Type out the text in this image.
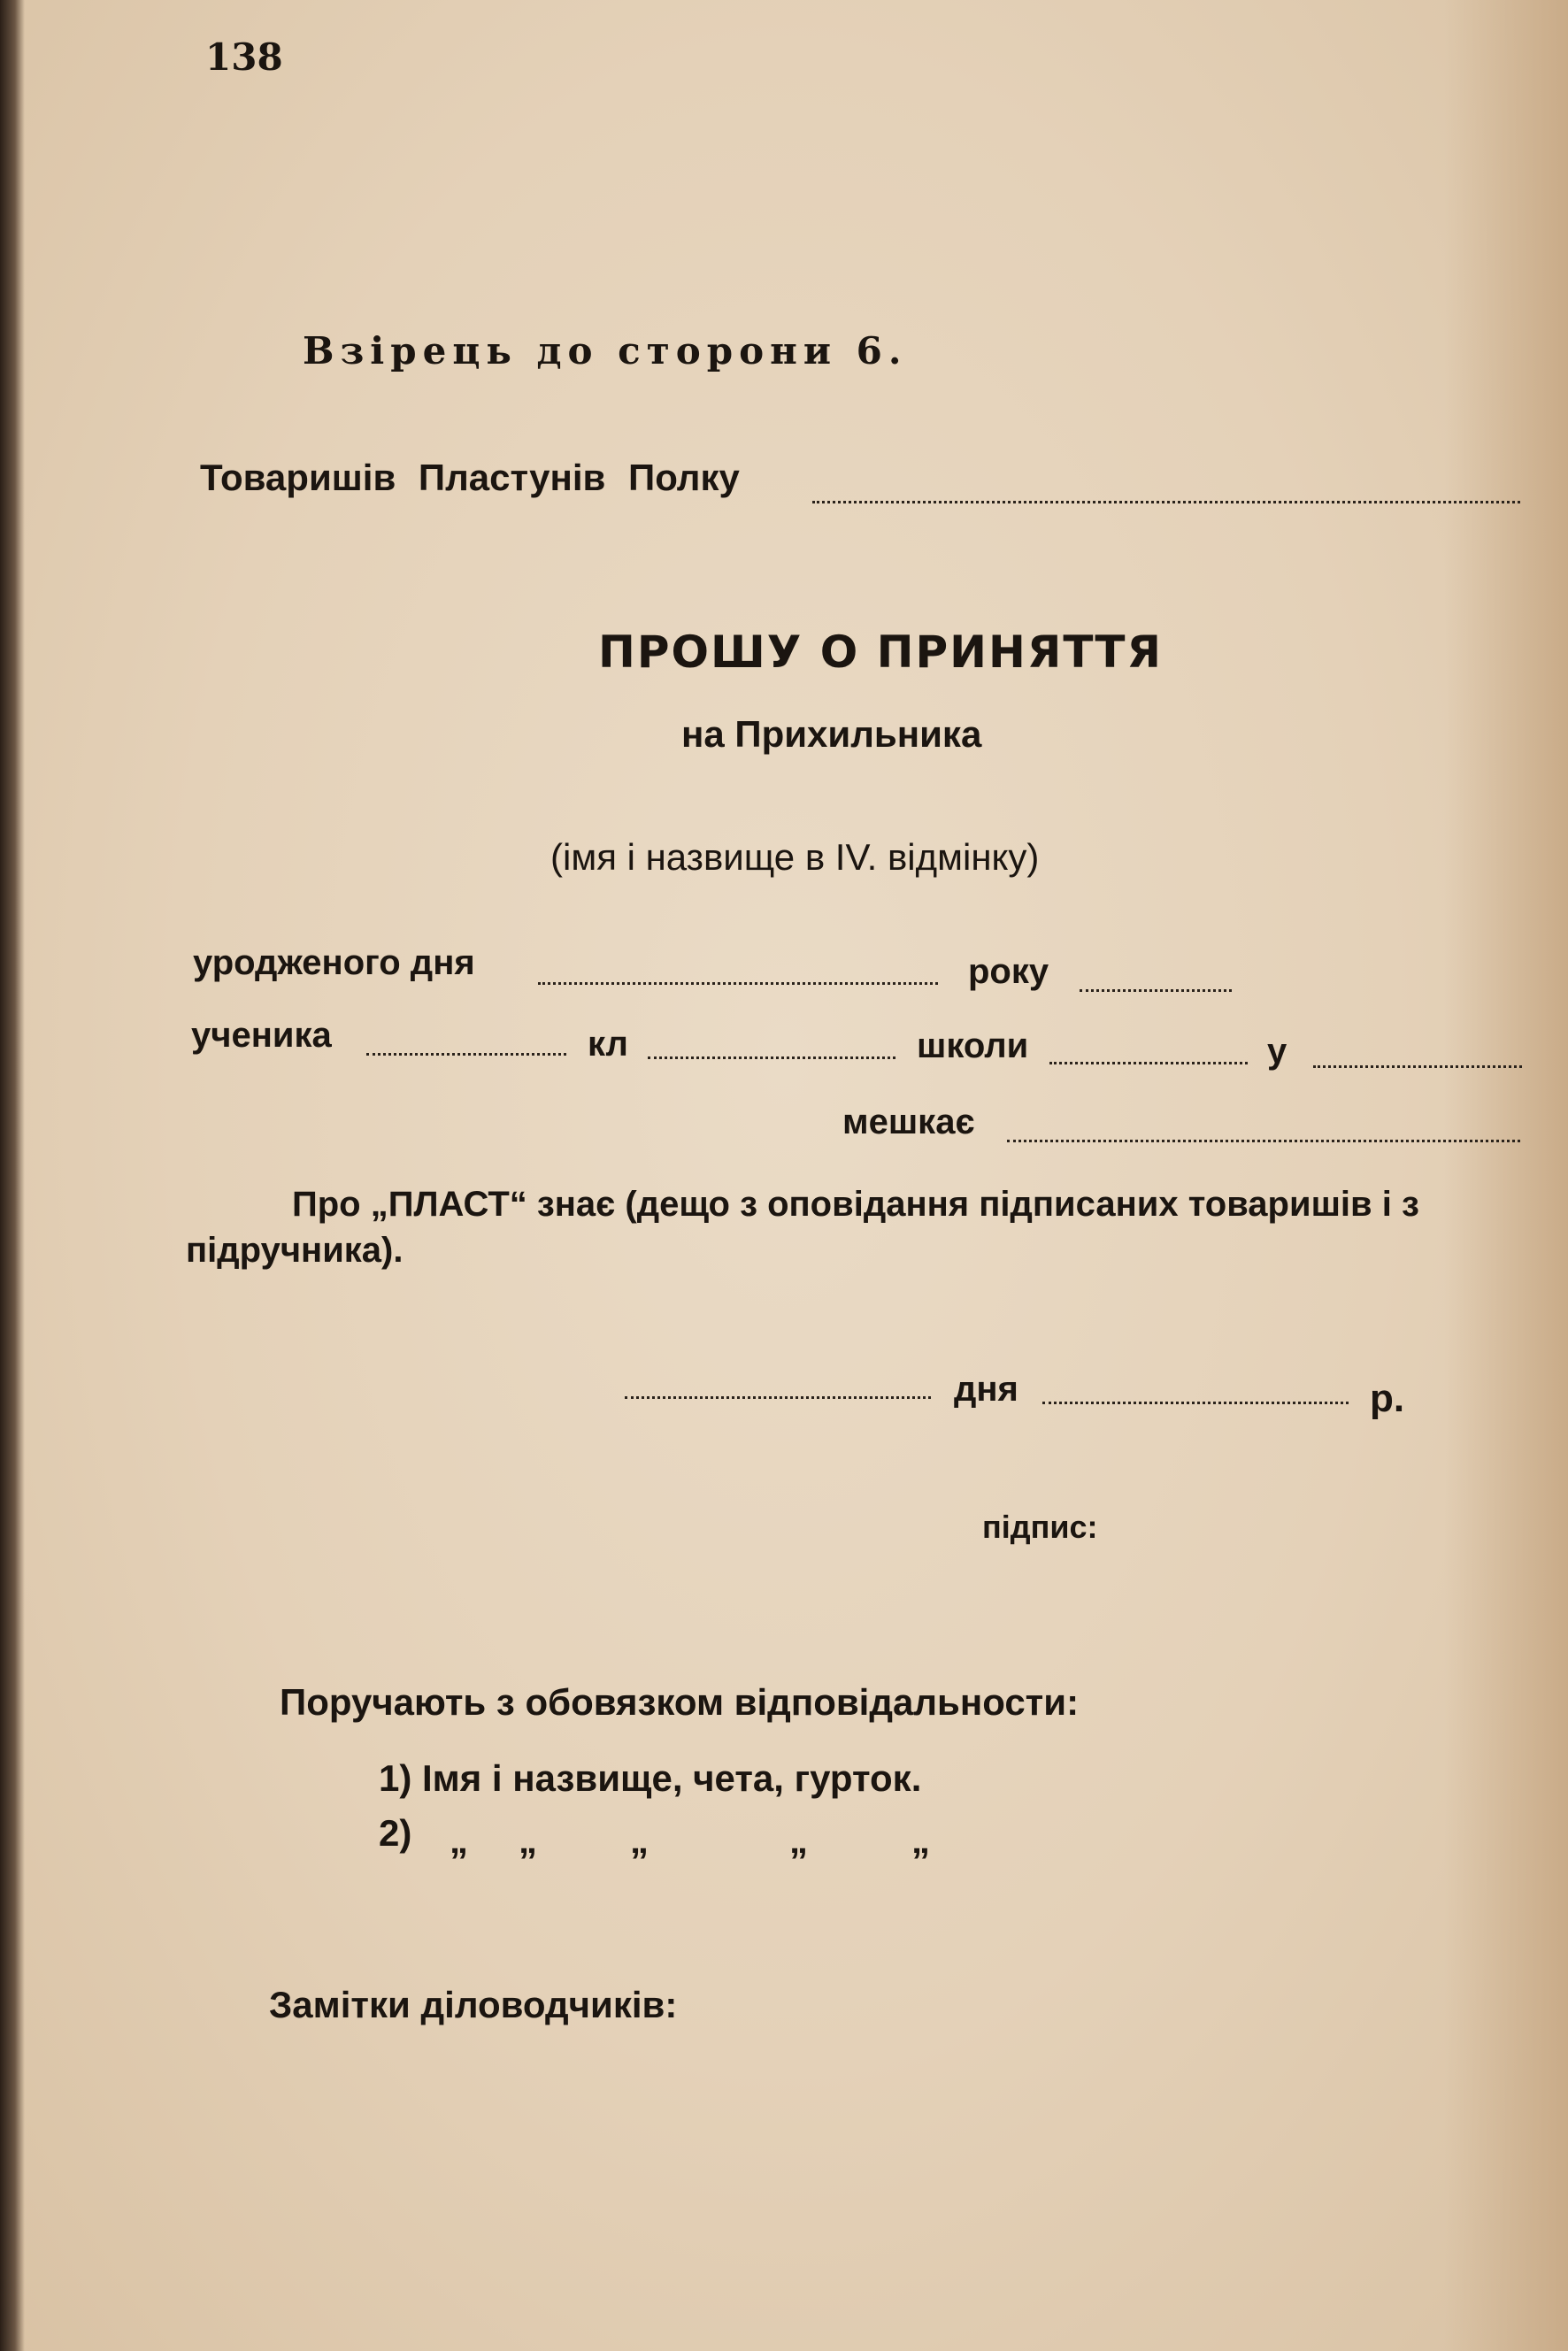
138
Взірець до сторони 6.
Товаришів Пластунів Полку
ПРОШУ О ПРИНЯТТЯ
на Прихильника
(імя і назвище в IV. відмінку)
уродженого дня	року
ученика	кл	школи	у
мешкає
Про „ПЛАСТ“ знає (дещо з оповідання підписаних товаришів і з підручника).
дня	р.
підпис:
Поручають з обовязком відповідальности:
1) Імя і назвище, чета, гурток.
2) „ „	„	„	„
Замітки діловодчиків:
